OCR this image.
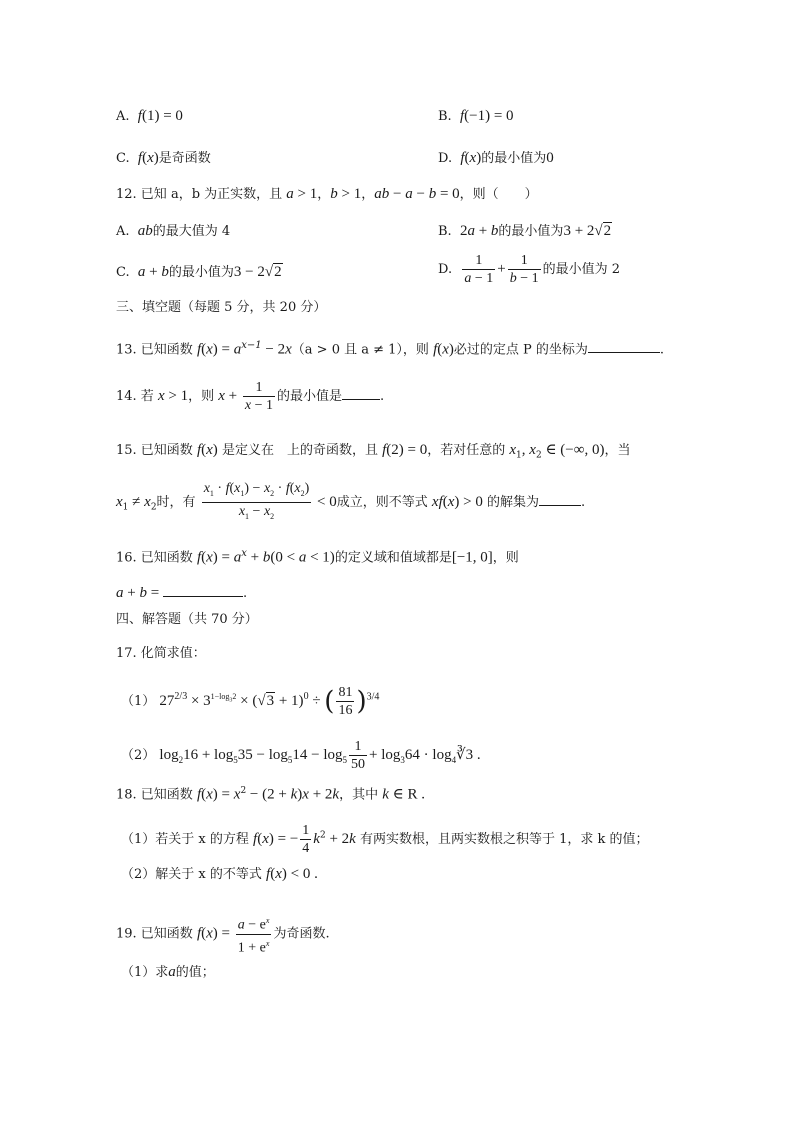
A. f(1) = 0	B. f(−1) = 0
C. f(x)是奇函数	D. f(x)的最小值为0
12. 已知 a，b 为正实数，且 a > 1，b > 1，ab − a − b = 0，则（　　）
A. ab的最大值为 4	B. 2a + b的最小值为3 + 2√2
C. a + b的最小值为3 − 2√2	D. $\frac{1}{a - 1} + \frac{1}{b - 1}$ 的最小值为 2
三、填空题（每题 5 分，共 20 分）
13. 已知函数 $f(x) = a^{x-1} - 2x(a > 0$ 且 a ≠ 1），则 f(x)必过的定点 P 的坐标为	.
14. 若 x > 1，则 $x + \frac{1}{x - 1}$ 的最小值是	.
15. 已知函数 f(x) 是定义在　上的奇函数，且 f(2) = 0，若对任意的 $x_1$, $x_2$ ∈ (−∞, 0)，当
$x_1 \ne x_2$时，有 $\frac{x_1 \cdot f(x_1) - x_2 \cdot f(x_2)}{x_1 - x_2} < 0$成立，则不等式 xf(x) > 0 的解集为	.
16. 已知函数 $f(x) = a^x + b(0 < a < 1)$的定义域和值域都是[−1, 0]，则
a + b =	.
四、解答题（共 70 分）
17. 化简求值：
（1） $27^{2/3} \times 3^{1-log_32} \times (√3 + 1)^0$ ÷ ( $\frac{81}{16} )^{3/4}$
（2） $\log_216 + \log_535 - \log_514 - \log_5 \frac{1}{50} + \log_364$ · $\log_4∛3$ .
18. 已知函数 $f(x) = x^2 - (2 + k)x + 2k$，其中 k ∈ R .
（1）若关于 x 的方程 f(x) = − $\frac{1}{4} k^2 + 2k$ 有两实数根，且两实数根之积等于 1，求 k 的值；
（2）解关于 x 的不等式 f(x) < 0 .
19. 已知函数 $f(x) = \frac{a - e^x}{1 + e^x}$ 为奇函数.
（1）求a的值；
